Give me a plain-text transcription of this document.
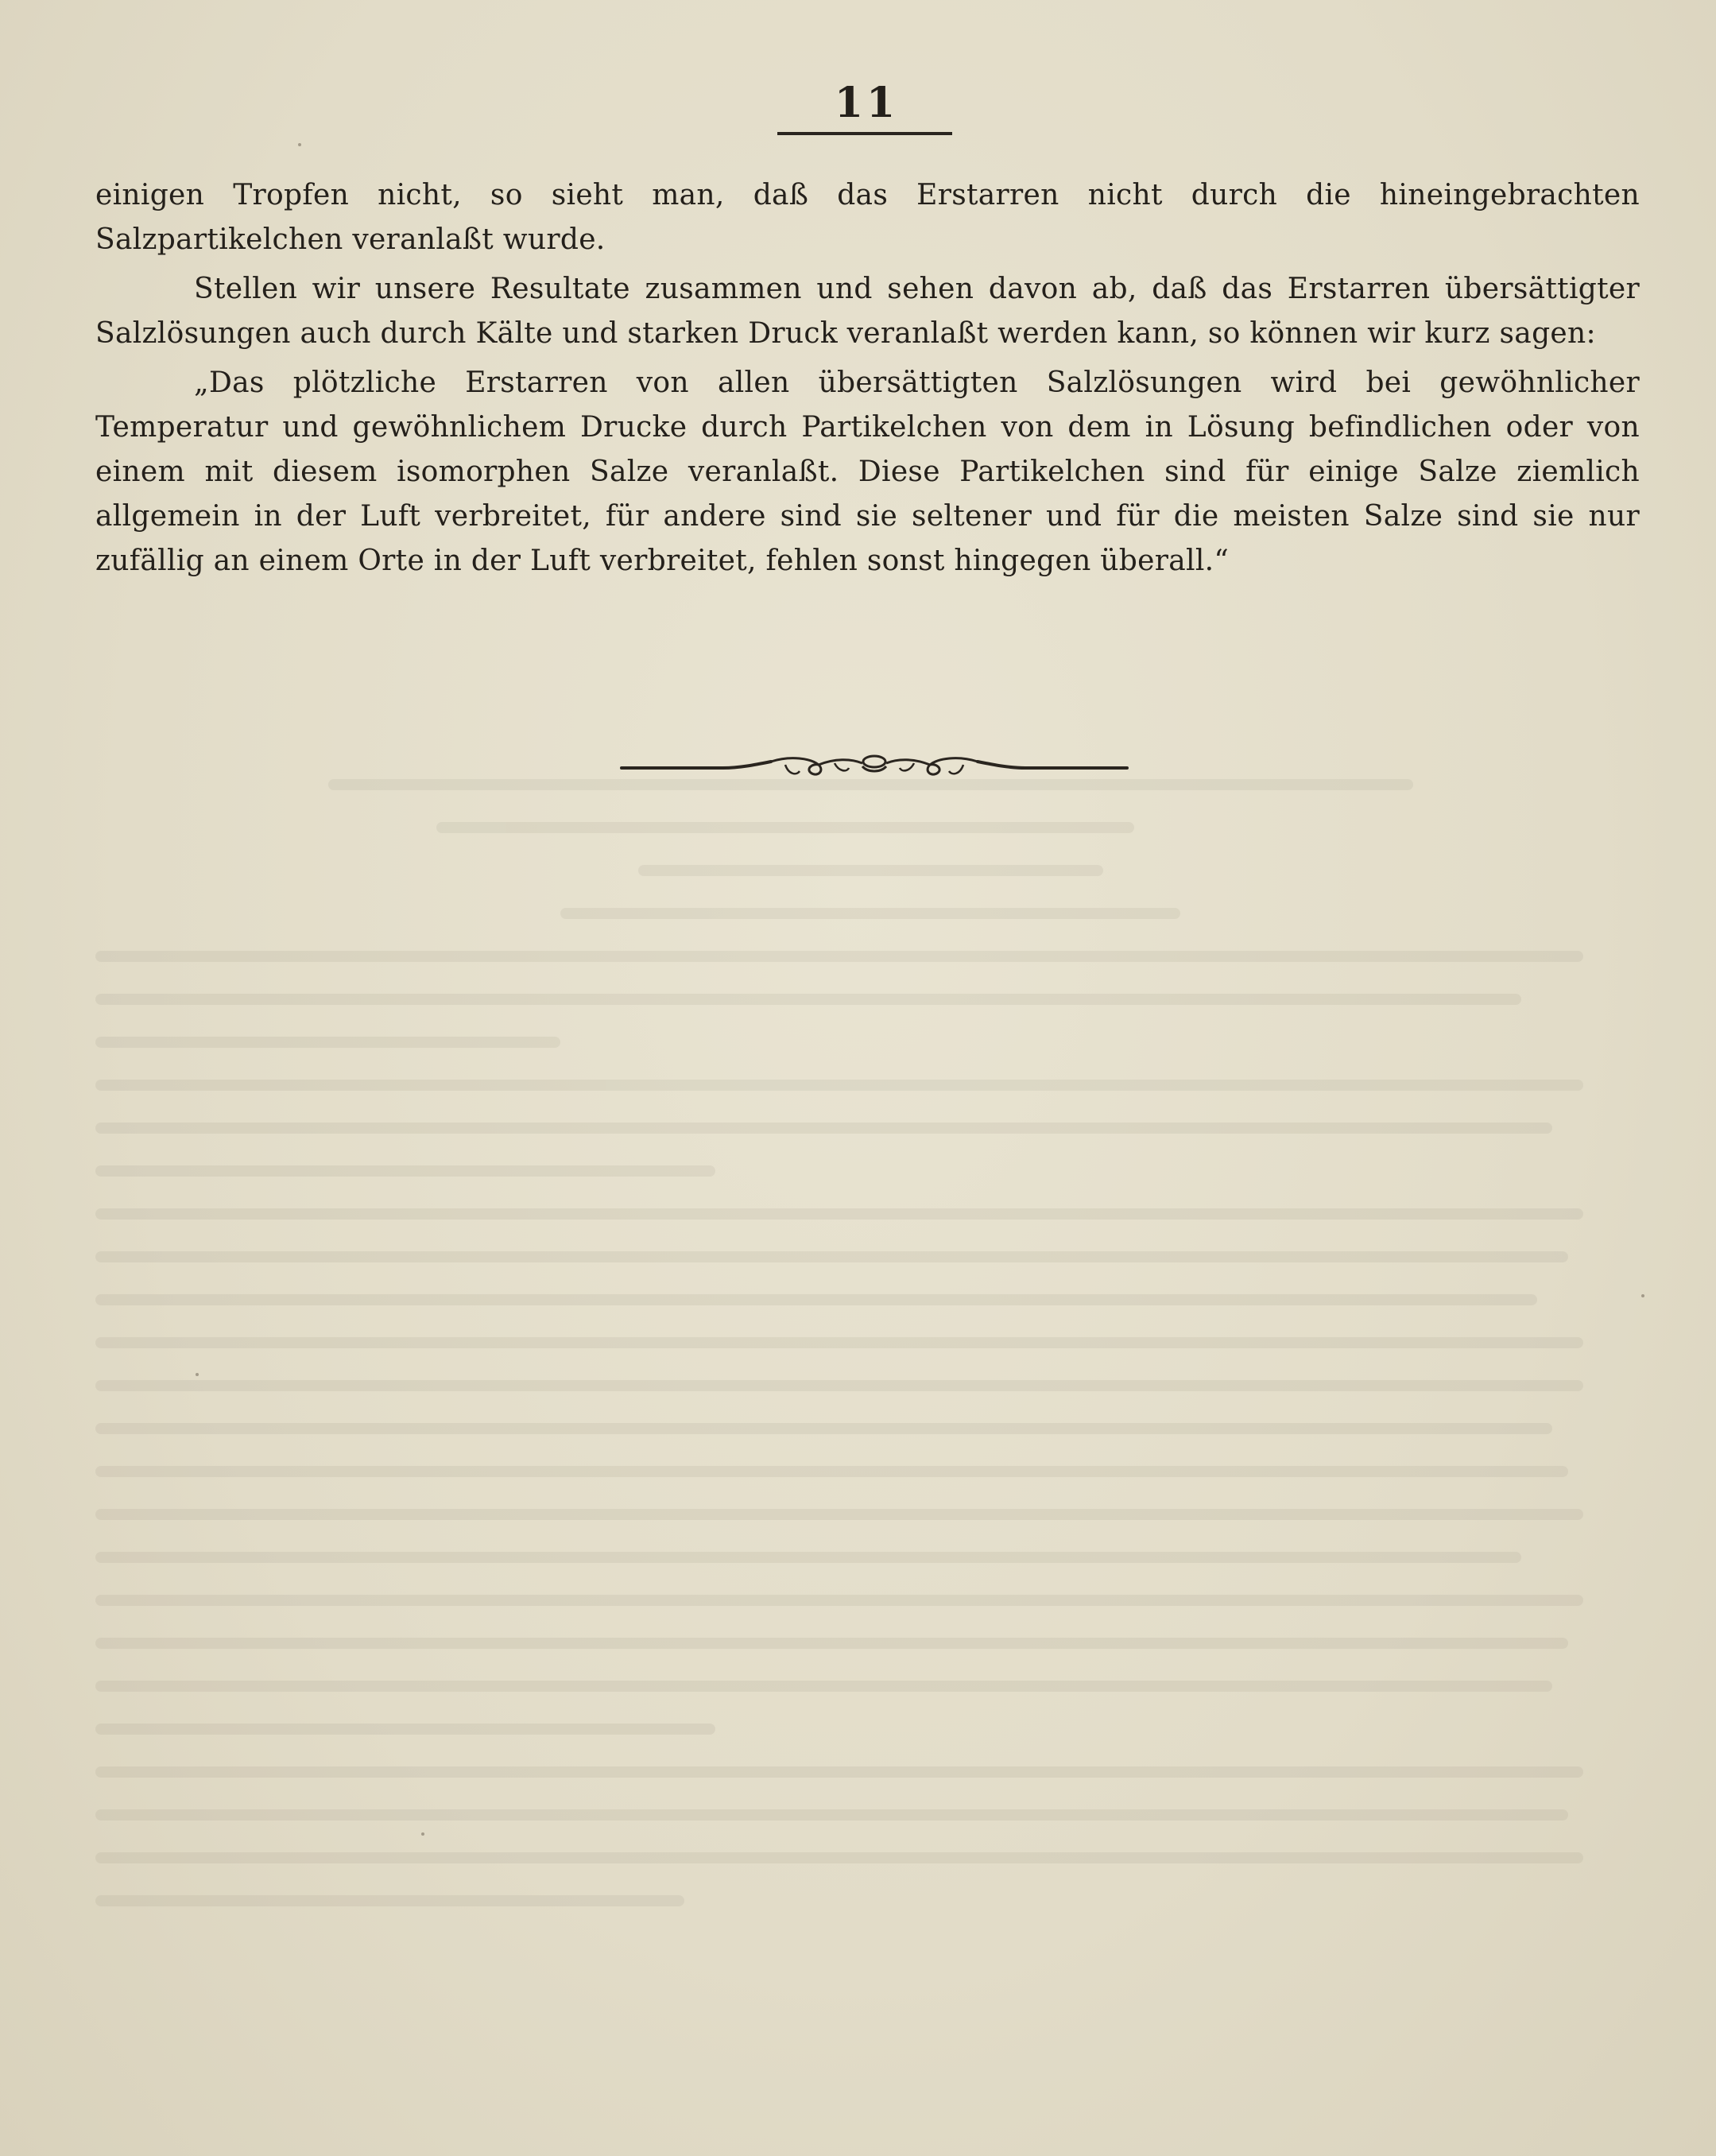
11

einigen Tropfen nicht, so sieht man, daß das Erstarren nicht durch die hineingebrachten Salzpartikelchen veranlaßt wurde.

Stellen wir unsere Resultate zusammen und sehen davon ab, daß das Erstarren übersättigter Salzlösungen auch durch Kälte und starken Druck veranlaßt werden kann, so können wir kurz sagen:

„Das plötzliche Erstarren von allen übersättigten Salzlösungen wird bei gewöhnlicher Temperatur und gewöhnlichem Drucke durch Partikelchen von dem in Lösung befindlichen oder von einem mit diesem isomorphen Salze veranlaßt. Diese Partikelchen sind für einige Salze ziemlich allgemein in der Luft verbreitet, für andere sind sie seltener und für die meisten Salze sind sie nur zufällig an einem Orte in der Luft verbreitet, fehlen sonst hingegen überall.“
